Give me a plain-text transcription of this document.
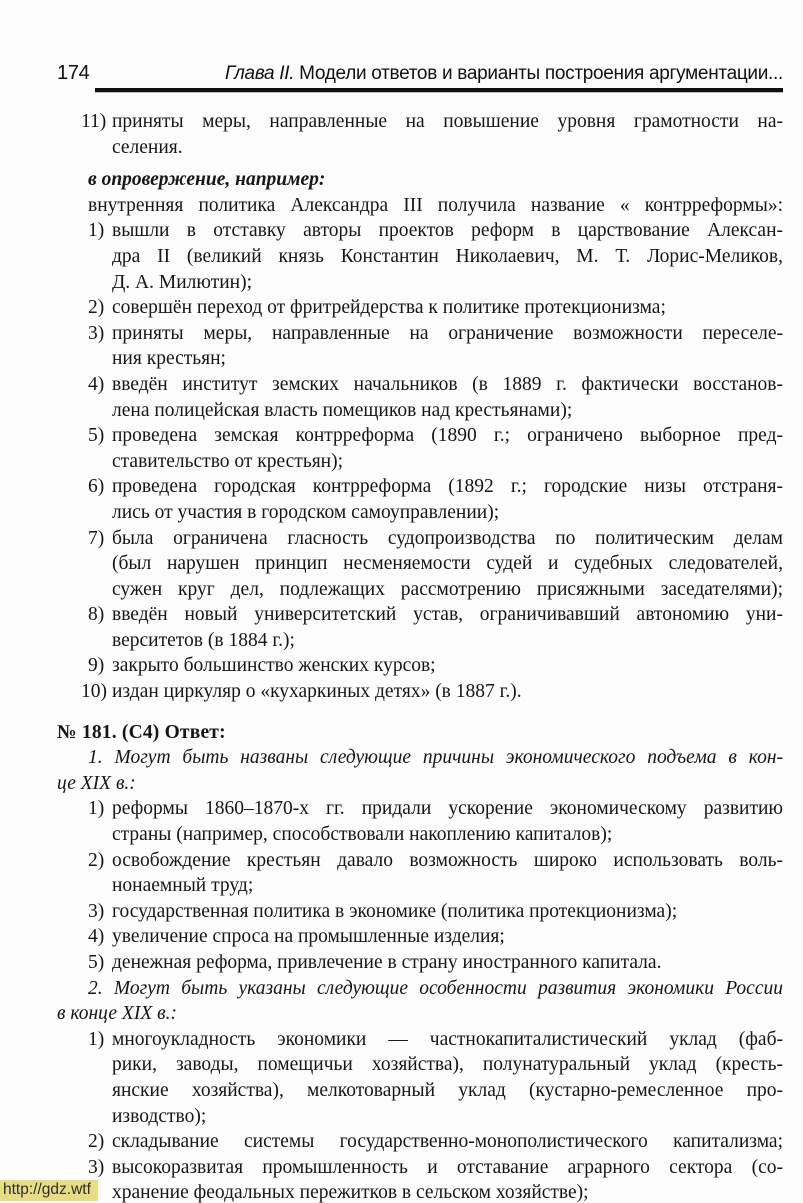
174	Глава II. Модели ответов и варианты построения аргументации...
11) приняты меры, направленные на повышение уровня грамотности на-
селения.
в опровержение, например:
внутренняя политика Александра III получила название « контрреформы»:
1) вышли в отставку авторы проектов реформ в царствование Алексан-
дра II (великий князь Константин Николаевич, М. Т. Лорис-Меликов,
Д. А. Милютин);
2) совершён переход от фритрейдерства к политике протекционизма;
3) приняты меры, направленные на ограничение возможности переселе-
ния крестьян;
4) введён институт земских начальников (в 1889 г. фактически восстанов-
лена полицейская власть помещиков над крестьянами);
5) проведена земская контрреформа (1890 г.; ограничено выборное пред-
ставительство от крестьян);
6) проведена городская контрреформа (1892 г.; городские низы отстраня-
лись от участия в городском самоуправлении);
7) была ограничена гласность судопроизводства по политическим делам
(был нарушен принцип несменяемости судей и судебных следователей,
сужен круг дел, подлежащих рассмотрению присяжными заседателями);
8) введён новый университетский устав, ограничивавший автономию уни-
верситетов (в 1884 г.);
9) закрыто большинство женских курсов;
10) издан циркуляр о «кухаркиных детях» (в 1887 г.).
№ 181. (С4) Ответ:
1. Могут быть названы следующие причины экономического подъема в кон-
це XIX в.:
1) реформы 1860–1870-х гг. придали ускорение экономическому развитию
страны (например, способствовали накоплению капиталов);
2) освобождение крестьян давало возможность широко использовать воль-
нонаемный труд;
3) государственная политика в экономике (политика протекционизма);
4) увеличение спроса на промышленные изделия;
5) денежная реформа, привлечение в страну иностранного капитала.
2. Могут быть указаны следующие особенности развития экономики России
в конце XIX в.:
1) многоукладность экономики — частнокапиталистический уклад (фаб-
рики, заводы, помещичьи хозяйства), полунатуральный уклад (кресть-
янские хозяйства), мелкотоварный уклад (кустарно-ремесленное про-
изводство);
2) складывание системы государственно-монополистического капитализма;
3) высокоразвитая промышленность и отставание аграрного сектора (со-
хранение феодальных пережитков в сельском хозяйстве);
http://gdz.wtf
